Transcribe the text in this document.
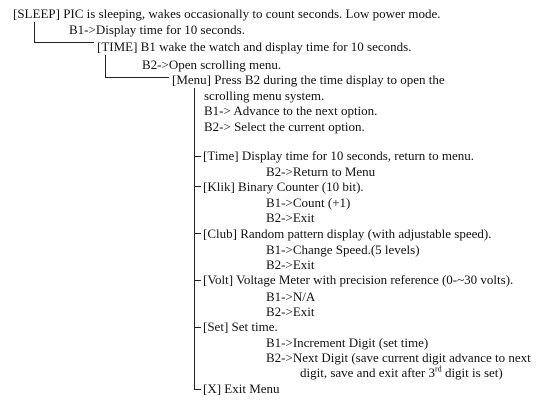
[SLEEP] PIC is sleeping, wakes occasionally to count seconds. Low power mode.
B1->Display time for 10 seconds.
[TIME] B1 wake the watch and display time for 10 seconds.
B2->Open scrolling menu.
[Menu] Press B2 during the time display to open the
scrolling menu system.
B1-> Advance to the next option.
B2-> Select the current option.
[Time] Display time for 10 seconds, return to menu.
B2->Return to Menu
[Klik] Binary Counter (10 bit).
B1->Count (+1)
B2->Exit
[Club] Random pattern display (with adjustable speed).
B1->Change Speed.(5 levels)
B2->Exit
[Volt] Voltage Meter with precision reference (0-~30 volts).
B1->N/A
B2->Exit
[Set] Set time.
B1->Increment Digit (set time)
B2->Next Digit (save current digit advance to next
digit, save and exit after 3rd digit is set)
[X] Exit Menu
